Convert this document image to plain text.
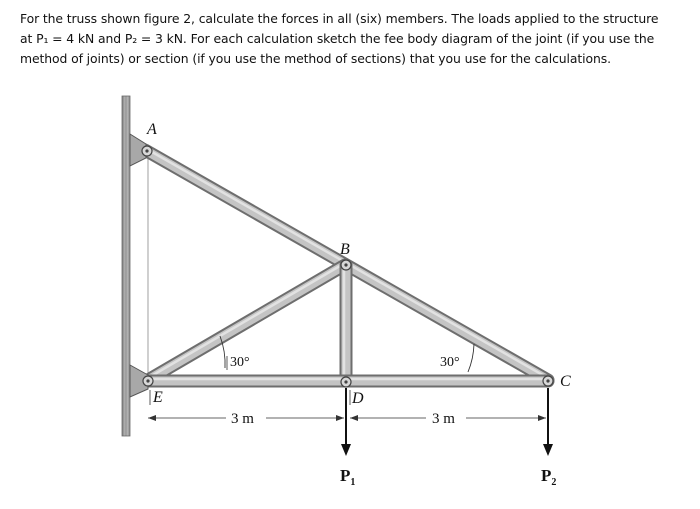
For the truss shown figure 2, calculate the forces in all (six) members. The loads applied to the structure
at P₁ = 4 kN and P₂ = 3 kN. For each calculation sketch the fee body diagram of the joint (if you use the
method of joints) or section (if you use the method of sections) that you use for the calculations.
A
B
C
D
E
30°	30°
3 m	3 m
$P_1$	$P_2$
